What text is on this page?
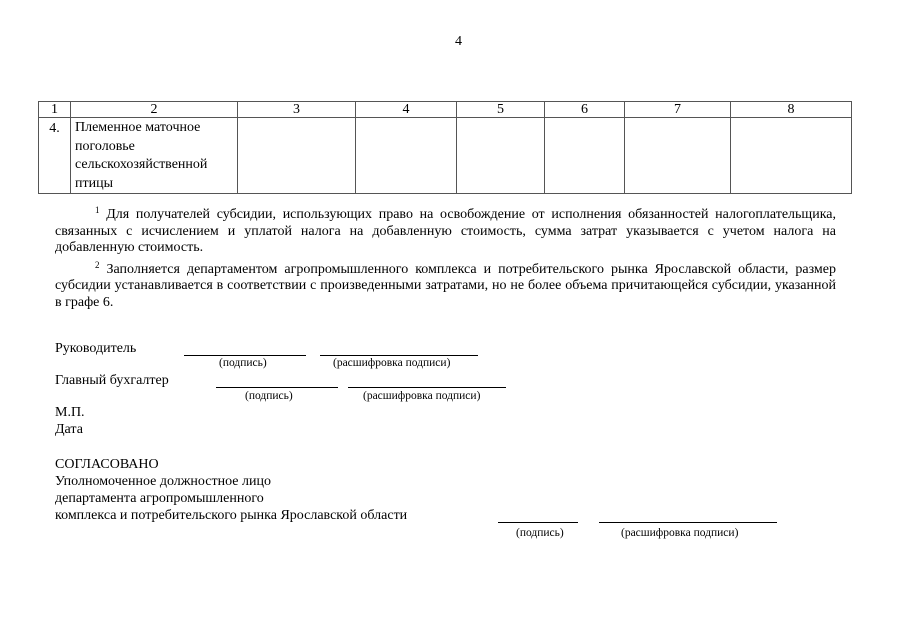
4
1	2	3	4	5	6	7	8
4.	Племенное маточное
поголовье
сельскохозяйственной
птицы						

$^1$ Для получателей субсидии, использующих право на освобождение от исполнения обязанностей налогоплательщика, связанных с исчислением и уплатой налога на добавленную стоимость, сумма затрат указывается с учетом налога на добавленную стоимость.

$^2$ Заполняется департаментом агропромышленного комплекса и потребительского рынка Ярославской области, размер субсидии устанавливается в соответствии с произведенными затратами, но не более объема причитающейся субсидии, указанной в графе 6.

Руководитель
(подпись)	(расшифровка подписи)
Главный бухгалтер
(подпись)	(расшифровка подписи)
М.П.
Дата
СОГЛАСОВАНО
Уполномоченное должностное лицо
департамента агропромышленного
комплекса и потребительского рынка Ярославской области
(подпись)	(расшифровка подписи)
